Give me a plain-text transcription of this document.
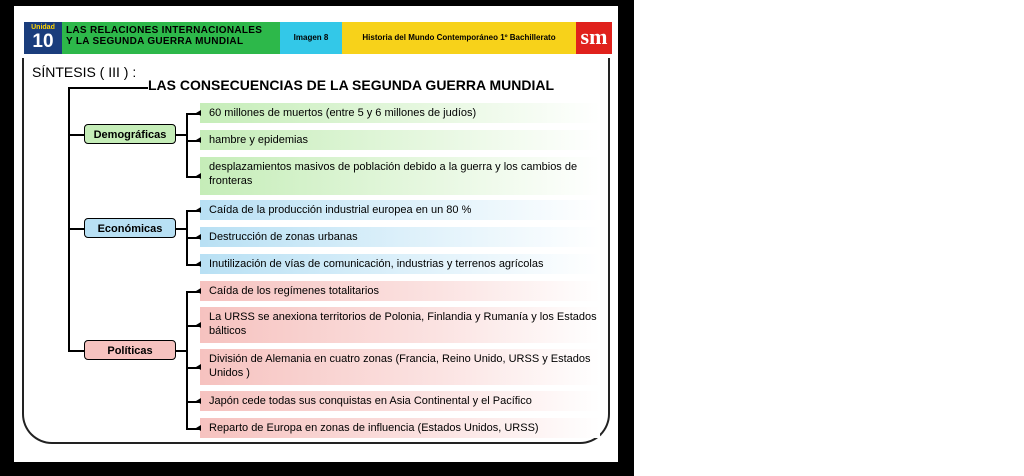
Unidad
10
LAS RELACIONES INTERNACIONALES
Y LA SEGUNDA GUERRA MUNDIAL	Imagen 8	Historia del Mundo Contemporáneo 1º Bachillerato	sm
SÍNTESIS ( III ) :
LAS CONSECUENCIAS DE LA SEGUNDA GUERRA MUNDIAL
Demográficas
60 millones de muertos (entre 5 y 6 millones de judíos)
hambre y epidemias
desplazamientos masivos de población debido a la guerra y los cambios de fronteras
Económicas
Caída de la producción industrial europea en un 80 %
Destrucción de zonas urbanas
Inutilización de vías de comunicación, industrias y terrenos agrícolas
Políticas
Caída de los regímenes totalitarios
La URSS se anexiona territorios de Polonia, Finlandia y Rumanía y los Estados bálticos
División de Alemania en cuatro zonas (Francia, Reino Unido, URSS y Estados Unidos )
Japón cede todas sus conquistas en Asia Continental y el Pacífico
Reparto de Europa en zonas de influencia (Estados Unidos, URSS)
